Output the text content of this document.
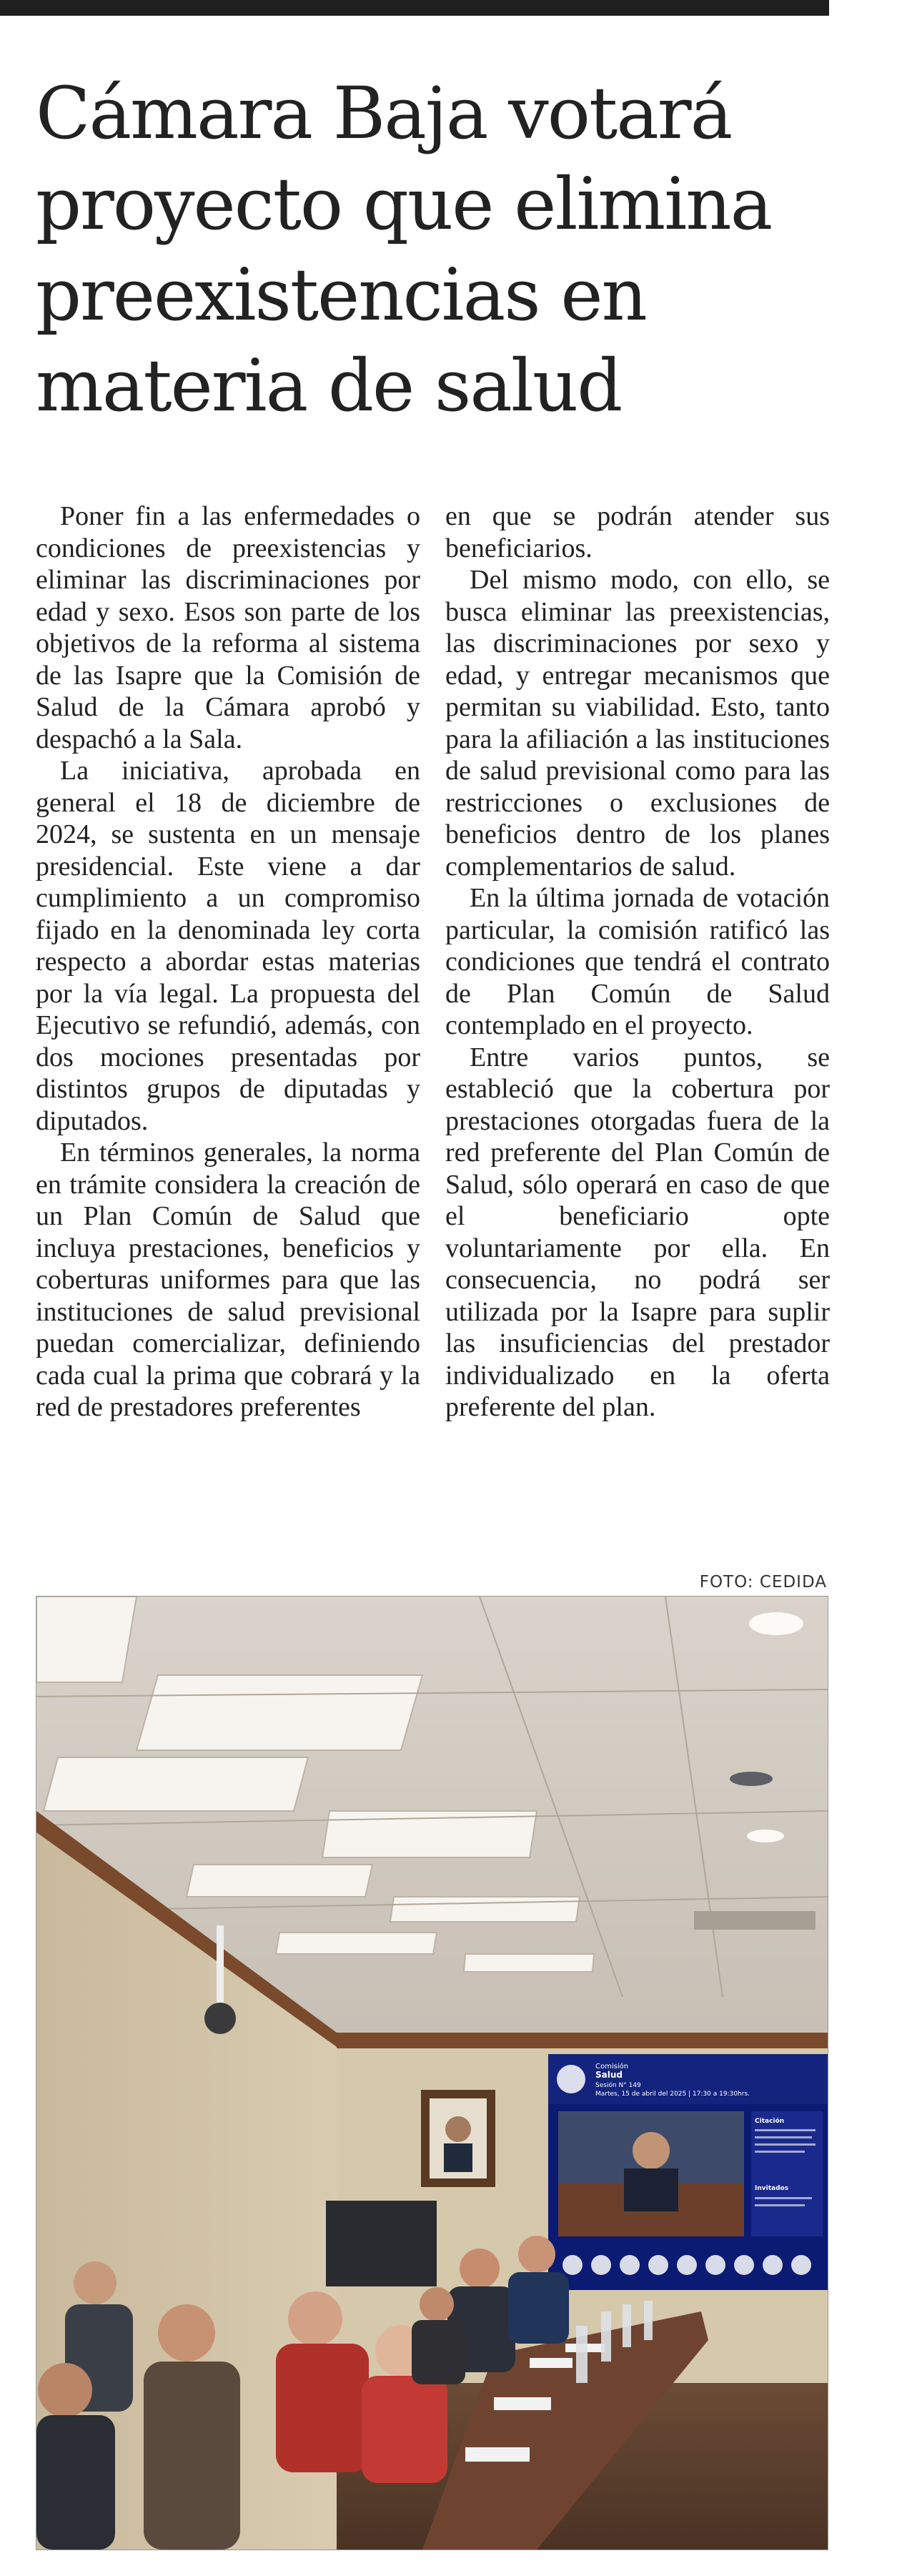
Cámara Baja votará
proyecto que elimina
preexistencias en
materia de salud

Poner fin a las enfermedades o condiciones de preexistencias y eliminar las discriminaciones por edad y sexo. Esos son parte de los objetivos de la reforma al sistema de las Isapre que la Comisión de Salud de la Cámara aprobó y despachó a la Sala.

La iniciativa, aprobada en general el 18 de diciembre de 2024, se sustenta en un mensaje presidencial. Este viene a dar cumplimiento a un compromiso fijado en la denominada ley corta respecto a abordar estas materias por la vía legal. La propuesta del Ejecutivo se refundió, además, con dos mociones presentadas por distintos grupos de diputadas y diputados.

En términos generales, la norma en trámite considera la creación de un Plan Común de Salud que incluya prestaciones, beneficios y coberturas uniformes para que las instituciones de salud previsional puedan comercializar, definiendo cada cual la prima que cobrará y la red de prestadores preferentes

en que se podrán atender sus beneficiarios.

Del mismo modo, con ello, se busca eliminar las preexistencias, las discriminaciones por sexo y edad, y entregar mecanismos que permitan su viabilidad. Esto, tanto para la afiliación a las instituciones de salud previsional como para las restricciones o exclusiones de beneficios dentro de los planes complementarios de salud.

En la última jornada de votación particular, la comisión ratificó las condiciones que tendrá el contrato de Plan Común de Salud contemplado en el proyecto.

Entre varios puntos, se estableció que la cobertura por prestaciones otorgadas fuera de la red preferente del Plan Común de Salud, sólo operará en caso de que el beneficiario opte voluntariamente por ella. En consecuencia, no podrá ser utilizada por la Isapre para suplir las insuficiencias del prestador individualizado en la oferta preferente del plan.

FOTO: CEDIDA
Comisión
Salud
Sesión N° 149
Martes, 15 de abril del 2025 | 17:30 a 19:30hrs.
Citación
Invitados
